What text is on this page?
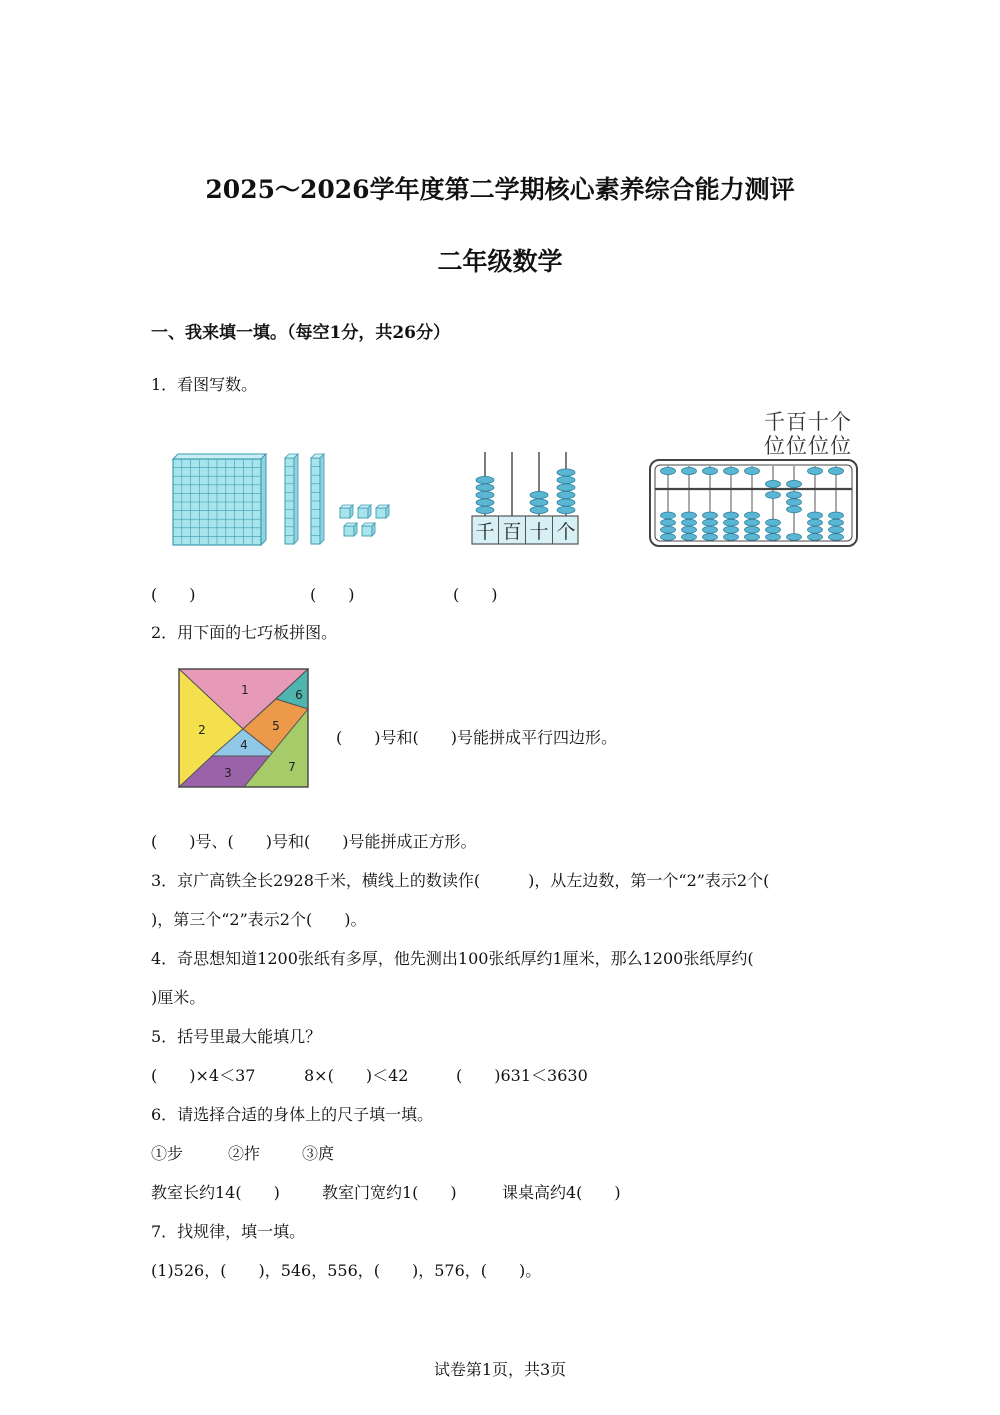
2025～2026学年度第二学期核心素养综合能力测评
二年级数学
一、我来填一填。（每空1分，共26分）
1．看图写数。
千 百 十 个
千百十个
位位位位
(　　)	(　　)	(　　)
2．用下面的七巧板拼图。
1
2
3
4
5
6
7
(　　)号和(　　)号能拼成平行四边形。
(　　)号、(　　)号和(　　)号能拼成正方形。
3．京广高铁全长2928千米，横线上的数读作(　　　)，从左边数，第一个“2”表示2个(
)，第三个“2”表示2个(　　)。
4．奇思想知道1200张纸有多厚，他先测出100张纸厚约1厘米，那么1200张纸厚约(
)厘米。
5．括号里最大能填几？
(　　)×4＜37	8×(　　)＜42	(　　)631＜3630
6．请选择合适的身体上的尺子填一填。
①步	②拃	③庹
教室长约14(　　)	教室门宽约1(　　)	课桌高约4(　　)
7．找规律，填一填。
(1)526，(　　)，546，556，(　　)，576，(　　)。
试卷第1页，共3页
